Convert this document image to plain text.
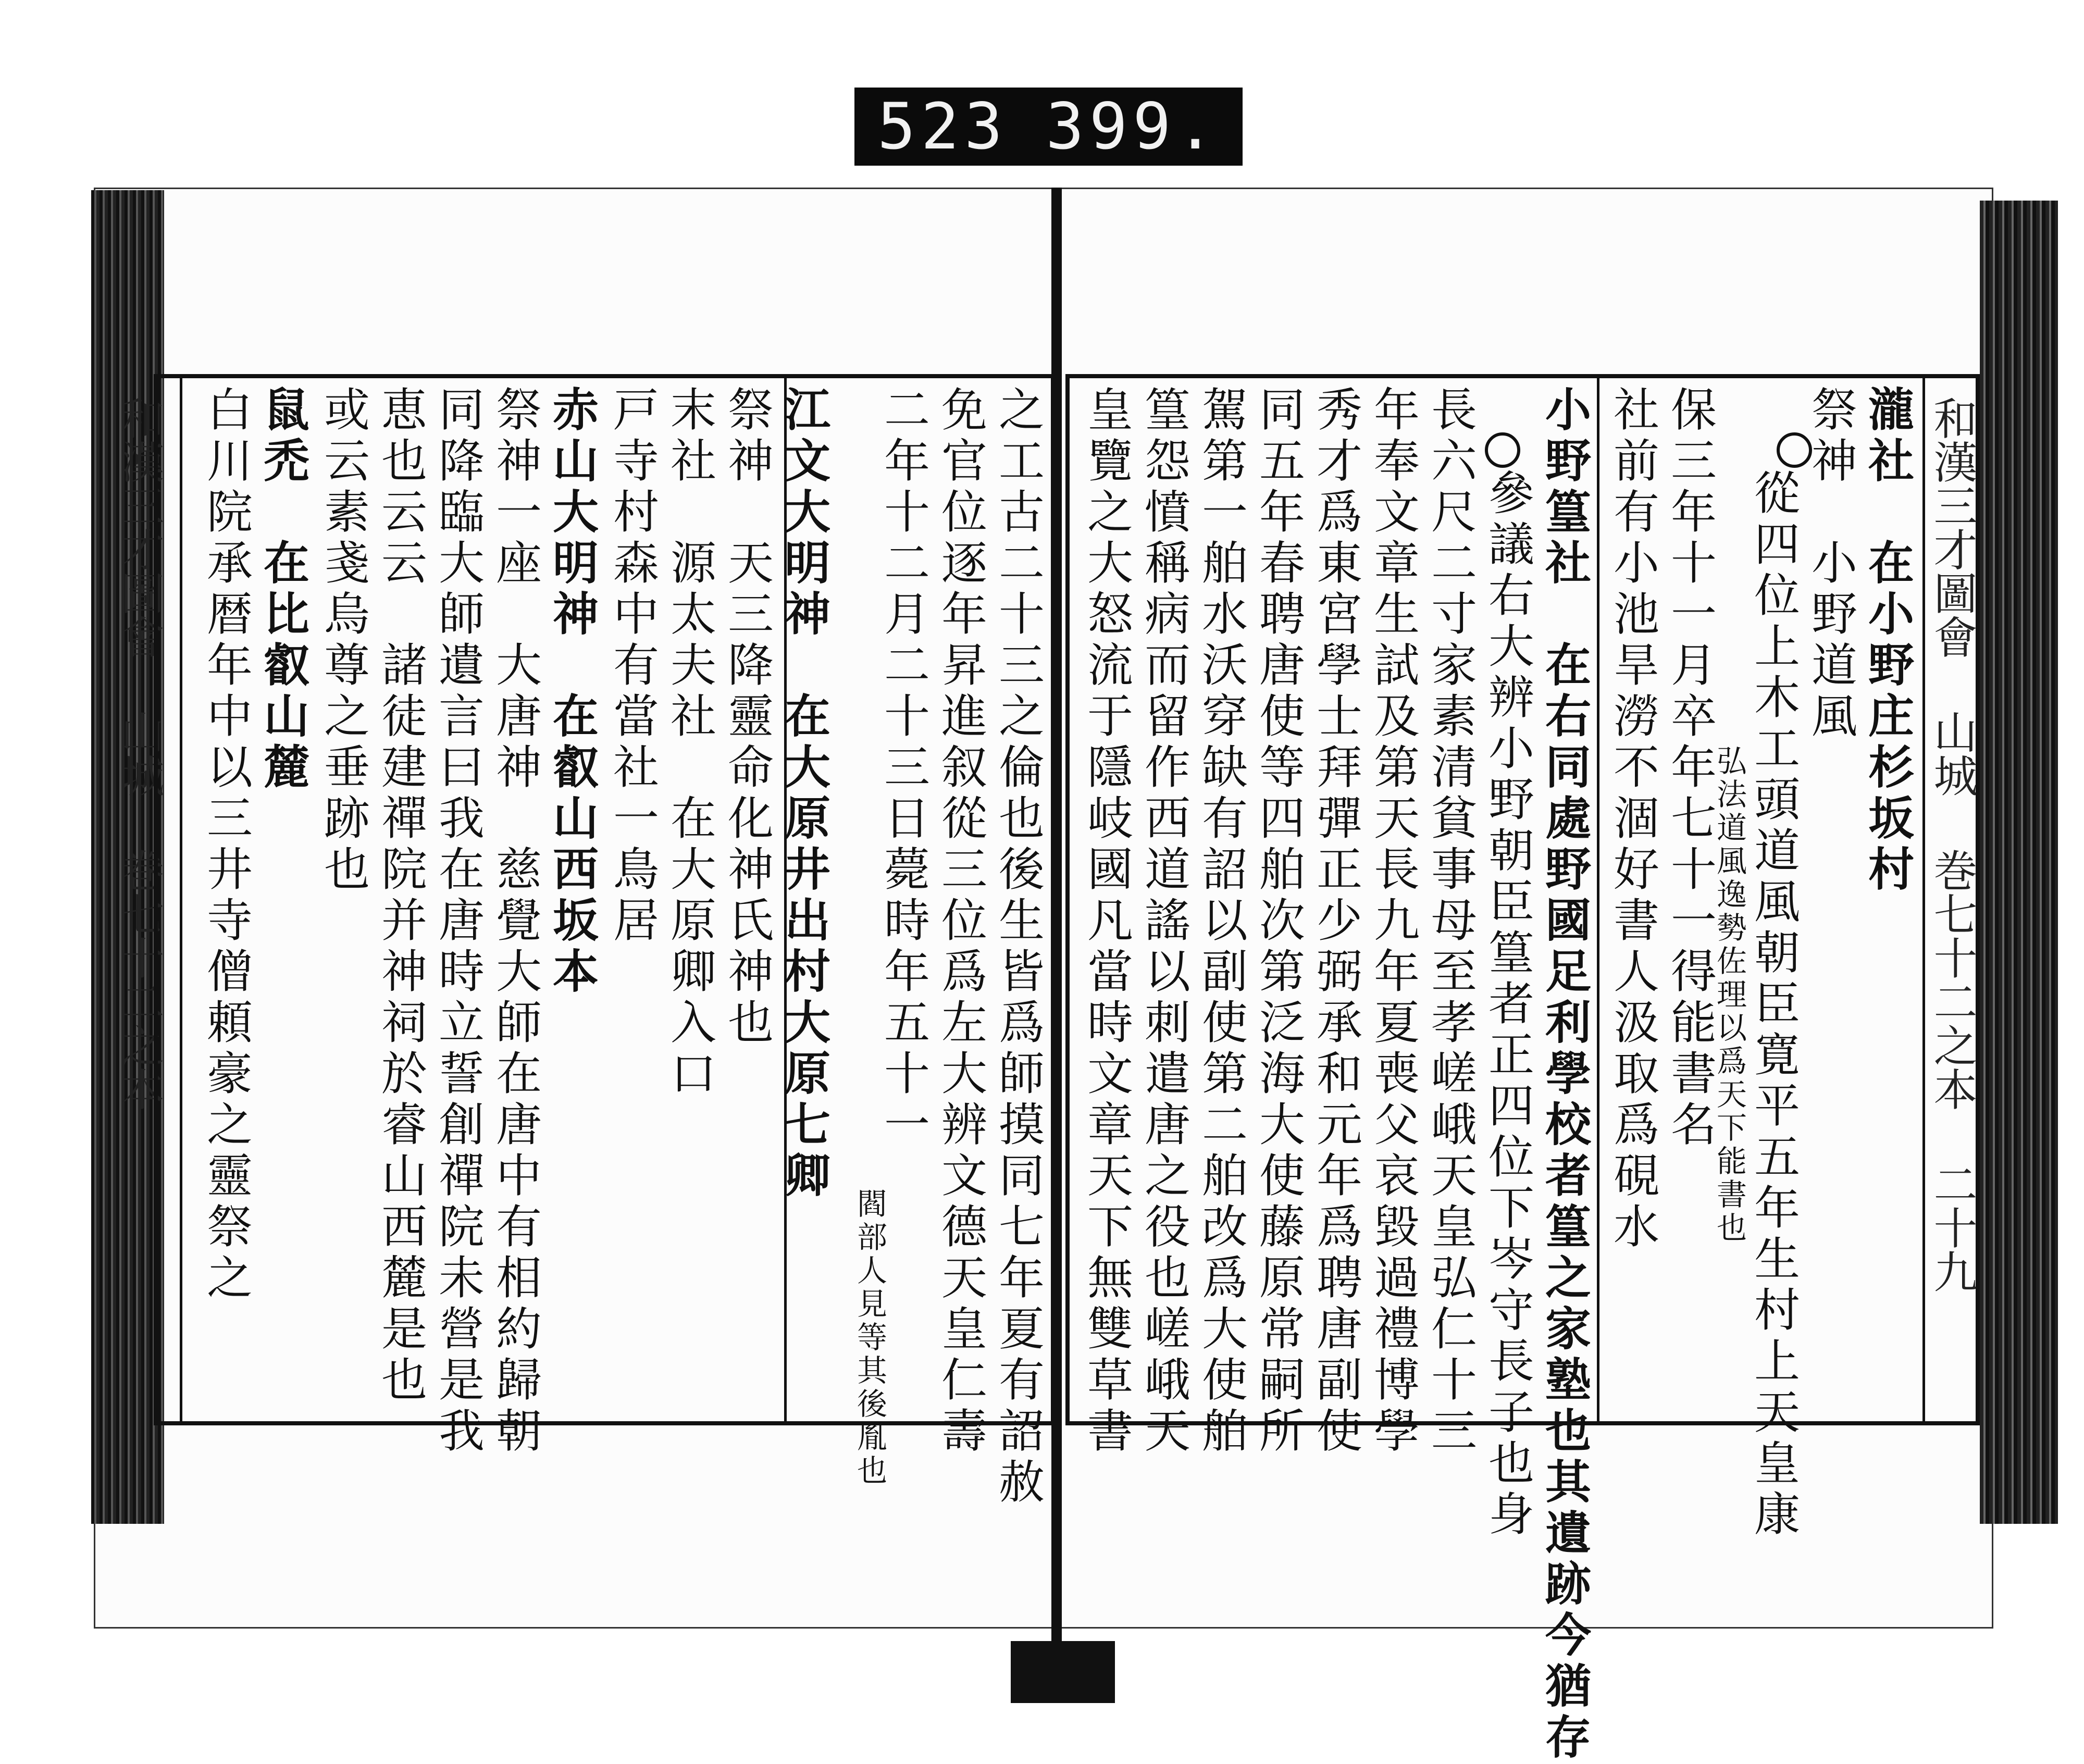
523 399.
和漢三才圖會 山城 巻七十二之本	和漢三才圖會 山城 巻七十二之本 二十九
之工古二十三之倫也後生皆爲師摸同七年夏有詔赦
免官位逐年昇進叙從三位爲左大辨文德天皇仁壽
二年十二月二十三日薨時年五十一
閻部人見等其後胤也
江文大明神　在大原井出村大原七卿
祭神　天三降靈命化神氏神也
末社　源太夫社　在大原卿入口
戸寺村森中有當社一鳥居
赤山大明神　在叡山西坂本
祭神一座　大唐神　慈覺大師在唐中有相約歸朝
同降臨大師遺言曰我在唐時立誓創禪院未營是我
恵也云云　諸徒建禪院并神祠於睿山西麓是也
或云素戔烏尊之垂跡也
鼠禿　在比叡山麓
白川院承暦年中以三井寺僧頼豪之靈祭之	瀧社　在小野庄杉坂村
祭神　小野道風
從四位上木工頭道風朝臣寛平五年生村上天皇康
弘法道風逸勢佐理以爲天下能書也
保三年十一月卒年七十一得能書名
社前有小池旱澇不涸好書人汲取爲硯水
小野篁社　在右同處野國足利學校者篁之家塾也其遺跡今猶存
參議右大辨小野朝臣篁者正四位下岑守長子也身
長六尺二寸家素清貧事母至孝嵯峨天皇弘仁十三
年奉文章生試及第天長九年夏喪父哀毀過禮博學
秀才爲東宮學士拜彈正少弼承和元年爲聘唐副使
同五年春聘唐使等四舶次第泛海大使藤原常嗣所
駕第一舶水沃穿缺有詔以副使第二舶改爲大使舶
篁怨憤稱病而留作西道謠以刺遣唐之役也嵯峨天
皇覽之大怒流于隱岐國凡當時文章天下無雙草書
